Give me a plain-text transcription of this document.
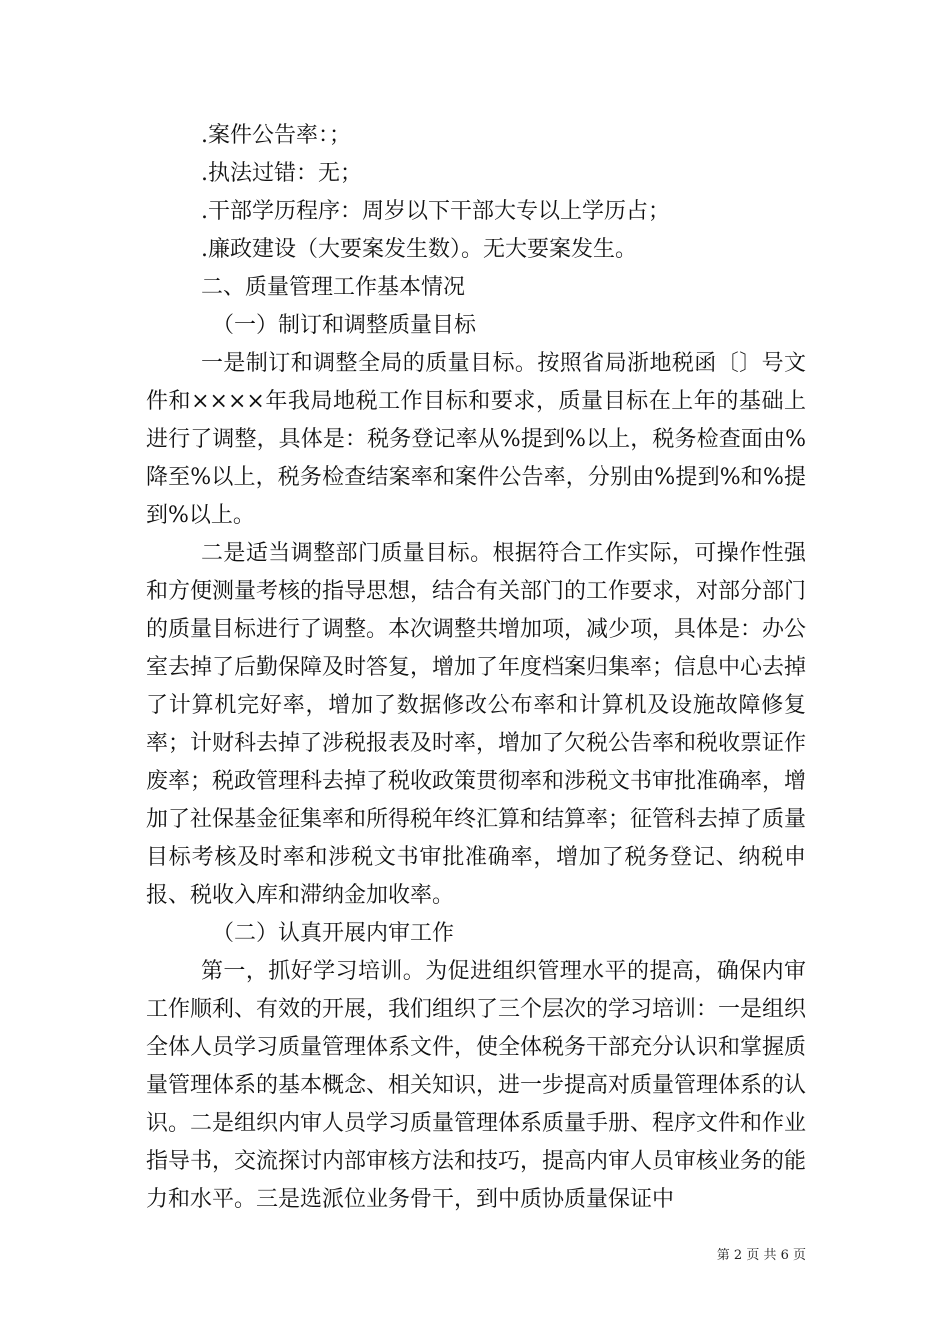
.案件公告率：；

.执法过错：无；

.干部学历程序：周岁以下干部大专以上学历占；

.廉政建设（大要案发生数）。无大要案发生。

二、质量管理工作基本情况

（一）制订和调整质量目标

一是制订和调整全局的质量目标。按照省局浙地税函〔〕号文件和××××年我局地税工作目标和要求，质量目标在上年的基础上进行了调整，具体是：税务登记率从%提到%以上，税务检查面由%降至%以上，税务检查结案率和案件公告率，分别由%提到%和%提到%以上。

二是适当调整部门质量目标。根据符合工作实际，可操作性强和方便测量考核的指导思想，结合有关部门的工作要求，对部分部门的质量目标进行了调整。本次调整共增加项，减少项，具体是：办公室去掉了后勤保障及时答复，增加了年度档案归集率；信息中心去掉了计算机完好率，增加了数据修改公布率和计算机及设施故障修复率；计财科去掉了涉税报表及时率，增加了欠税公告率和税收票证作废率；税政管理科去掉了税收政策贯彻率和涉税文书审批准确率，增加了社保基金征集率和所得税年终汇算和结算率；征管科去掉了质量目标考核及时率和涉税文书审批准确率，增加了税务登记、纳税申报、税收入库和滞纳金加收率。

（二）认真开展内审工作

第一，抓好学习培训。为促进组织管理水平的提高，确保内审工作顺利、有效的开展，我们组织了三个层次的学习培训：一是组织全体人员学习质量管理体系文件，使全体税务干部充分认识和掌握质量管理体系的基本概念、相关知识，进一步提高对质量管理体系的认识。二是组织内审人员学习质量管理体系质量手册、程序文件和作业指导书，交流探讨内部审核方法和技巧，提高内审人员审核业务的能力和水平。三是选派位业务骨干，到中质协质量保证中

第 2 页 共 6 页
